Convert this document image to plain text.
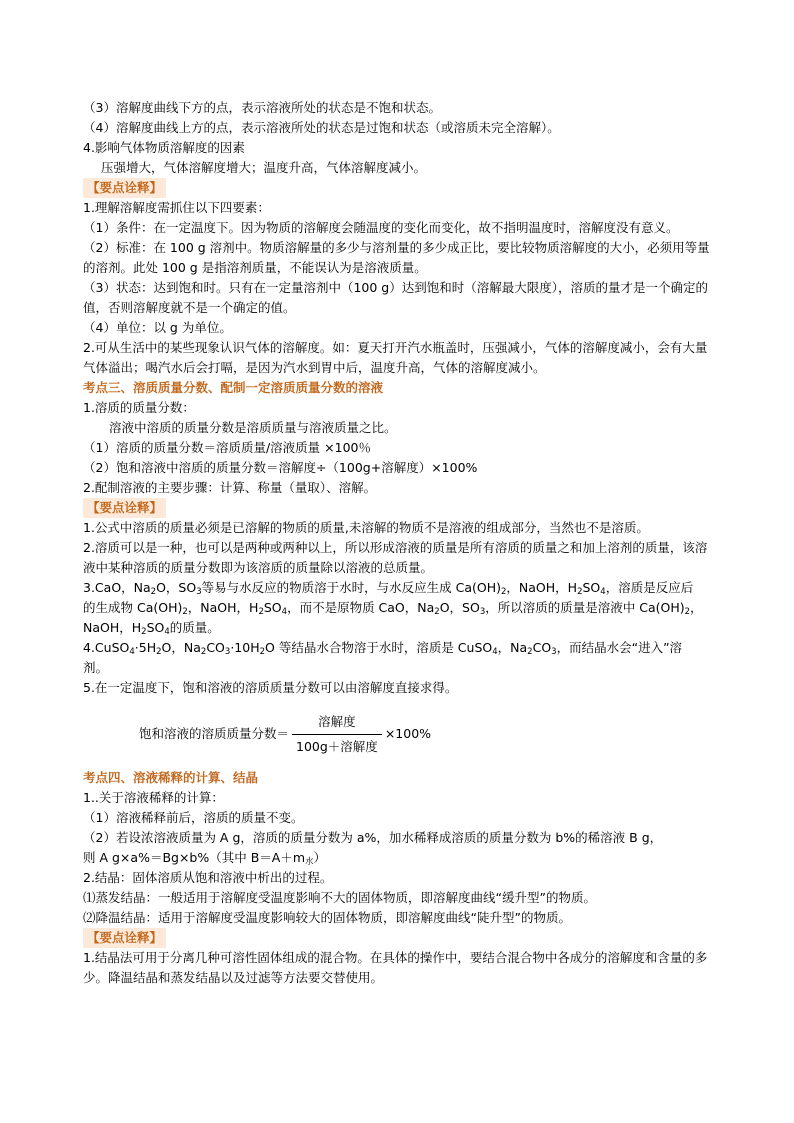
（3）溶解度曲线下方的点，表示溶液所处的状态是不饱和状态。

（4）溶解度曲线上方的点，表示溶液所处的状态是过饱和状态（或溶质未完全溶解）。

4.影响气体物质溶解度的因素

压强增大，气体溶解度增大；温度升高，气体溶解度减小。

【要点诠释】

1.理解溶解度需抓住以下四要素：

（1）条件：在一定温度下。因为物质的溶解度会随温度的变化而变化，故不指明温度时，溶解度没有意义。

（2）标准：在 100 g 溶剂中。物质溶解量的多少与溶剂量的多少成正比，要比较物质溶解度的大小，必须用等量的溶剂。此处 100 g 是指溶剂质量，不能误认为是溶液质量。

（3）状态：达到饱和时。只有在一定量溶剂中（100 g）达到饱和时（溶解最大限度），溶质的量才是一个确定的值，否则溶解度就不是一个确定的值。

（4）单位：以 g 为单位。

2.可从生活中的某些现象认识气体的溶解度。如：夏天打开汽水瓶盖时，压强减小，气体的溶解度减小，会有大量气体溢出；喝汽水后会打嗝，是因为汽水到胃中后，温度升高，气体的溶解度减小。

考点三、溶质质量分数、配制一定溶质质量分数的溶液

1.溶质的质量分数：

溶液中溶质的质量分数是溶质质量与溶液质量之比。

（1）溶质的质量分数＝溶质质量/溶液质量 ×100％

（2）饱和溶液中溶质的质量分数＝溶解度÷（100g+溶解度）×100%

2.配制溶液的主要步骤：计算、称量（量取）、溶解。

【要点诠释】

1.公式中溶质的质量必须是已溶解的物质的质量,未溶解的物质不是溶液的组成部分，当然也不是溶质。

2.溶质可以是一种，也可以是两种或两种以上，所以形成溶液的质量是所有溶质的质量之和加上溶剂的质量，该溶液中某种溶质的质量分数即为该溶质的质量除以溶液的总质量。

3.CaO，$Na_2O$，$SO_3$等易与水反应的物质溶于水时，与水反应生成 $Ca(OH)_2$，NaOH，$H_2SO_4$，溶质是反应后

的生成物 $Ca(OH)_2$，NaOH，$H_2SO_4$，而不是原物质 CaO，$Na_2O$，$SO_3$，所以溶质的质量是溶液中 $Ca(OH)_2$，

NaOH，$H_2SO_4$的质量。

$4.CuSO_4\cdot 5H_2O$，$Na_2CO_3\cdot 10H_2O$ 等结晶水合物溶于水时，溶质是 CuSO$_4$，$Na_2CO_3$，而结晶水会“进入”溶

剂。

5.在一定温度下，饱和溶液的溶质质量分数可以由溶解度直接求得。

饱和溶液的溶质质量分数＝ $\frac{\text{溶解度}}{\text{100g＋溶解度}} \times 100\%$

考点四、溶液稀释的计算、结晶

1..关于溶液稀释的计算：

（1）溶液稀释前后，溶质的质量不变。

（2）若设浓溶液质量为 A g，溶质的质量分数为 a%，加水稀释成溶质的质量分数为 b%的稀溶液 B g，

则 A g×a%＝Bg×b%（其中 $B=A+m_水$）

2.结晶：固体溶质从饱和溶液中析出的过程。

⑴蒸发结晶：一般适用于溶解度受温度影响不大的固体物质，即溶解度曲线“缓升型”的物质。

⑵降温结晶：适用于溶解度受温度影响较大的固体物质，即溶解度曲线“陡升型”的物质。

【要点诠释】

1.结晶法可用于分离几种可溶性固体组成的混合物。在具体的操作中，要结合混合物中各成分的溶解度和含量的多少。降温结晶和蒸发结晶以及过滤等方法要交替使用。
